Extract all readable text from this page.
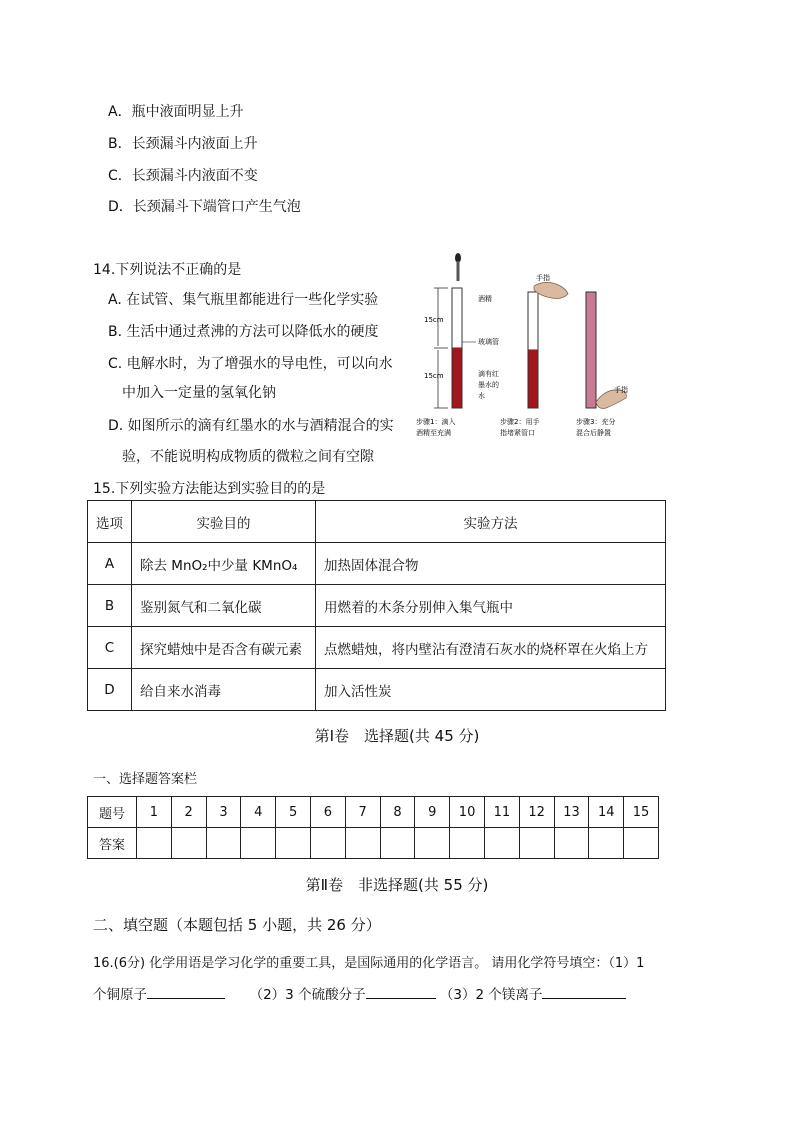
A．瓶中液面明显上升
B．长颈漏斗内液面上升
C．长颈漏斗内液面不变
D．长颈漏斗下端管口产生气泡
14.下列说法不正确的是
A. 在试管、集气瓶里都能进行一些化学实验
B. 生活中通过煮沸的方法可以降低水的硬度
C. 电解水时，为了增强水的导电性，可以向水
中加入一定量的氢氧化钠
D. 如图所示的滴有红墨水的水与酒精混合的实
验，不能说明构成物质的微粒之间有空隙
15cm
15cm
酒精
玻璃管
滴有红
墨水的
水
手指
手指
步骤1：滴入
酒精至充满
步骤2：用手
指堵紧管口
步骤3：充分
混合后静置
15.下列实验方法能达到实验目的的是
选项	实验目的	实验方法
A	除去 MnO₂中少量 KMnO₄	加热固体混合物
B	鉴别氮气和二氧化碳	用燃着的木条分别伸入集气瓶中
C	探究蜡烛中是否含有碳元素	点燃蜡烛，将内壁沾有澄清石灰水的烧杯罩在火焰上方
D	给自来水消毒	加入活性炭
第Ⅰ卷　选择题(共 45 分)
一、选择题答案栏
题号	1	2	3	4	5	6	7	8	9	10	11	12	13	14	15
答案															
第Ⅱ卷　非选择题(共 55 分)
二、填空题（本题包括 5 小题，共 26 分）
16.(6分) 化学用语是学习化学的重要工具，是国际通用的化学语言。 请用化学符号填空：（1）1
个铜原子	（2）3 个硫酸分子	（3）2 个镁离子
